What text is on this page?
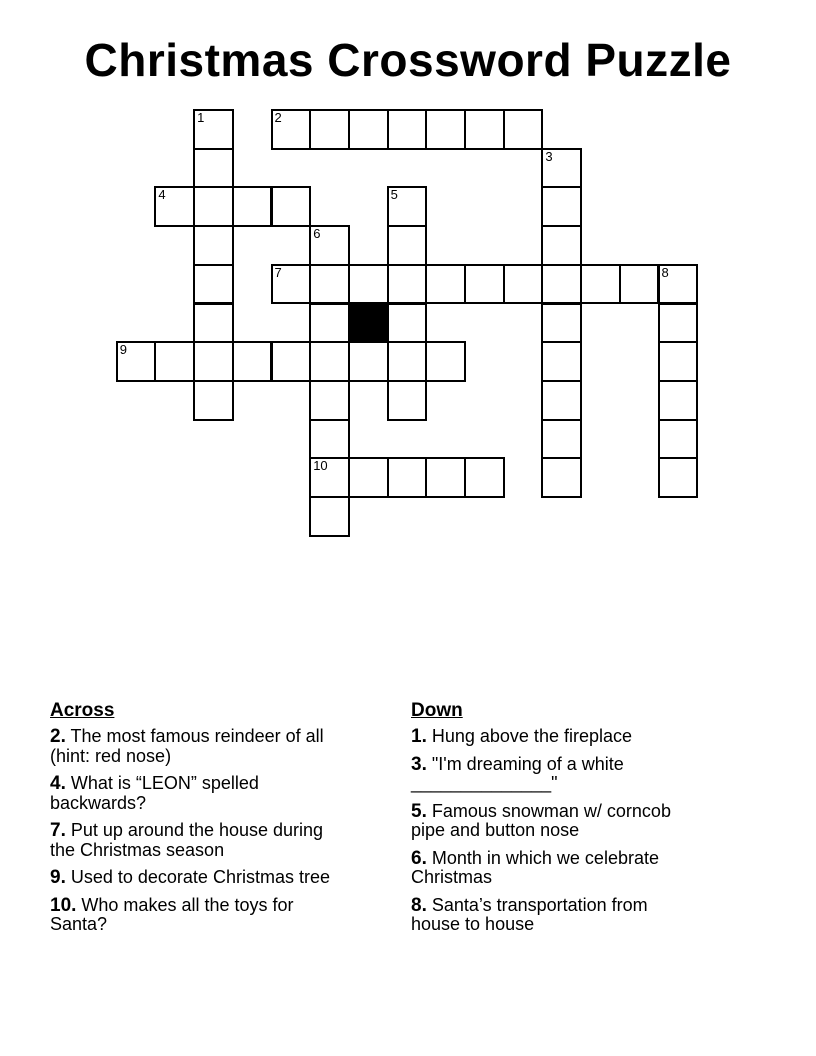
Christmas Crossword Puzzle
1	2
3
4	5
6
7	8
9
10
Across

2. The most famous reindeer of all (hint: red nose)

4. What is “LEON” spelled backwards?

7. Put up around the house during the Christmas season

9. Used to decorate Christmas tree

10. Who makes all the toys for Santa?

Down

1. Hung above the fireplace

3. "I'm dreaming of a white ______________"

5. Famous snowman w/ corncob pipe and button nose

6. Month in which we celebrate Christmas

8. Santa’s transportation from house to house
